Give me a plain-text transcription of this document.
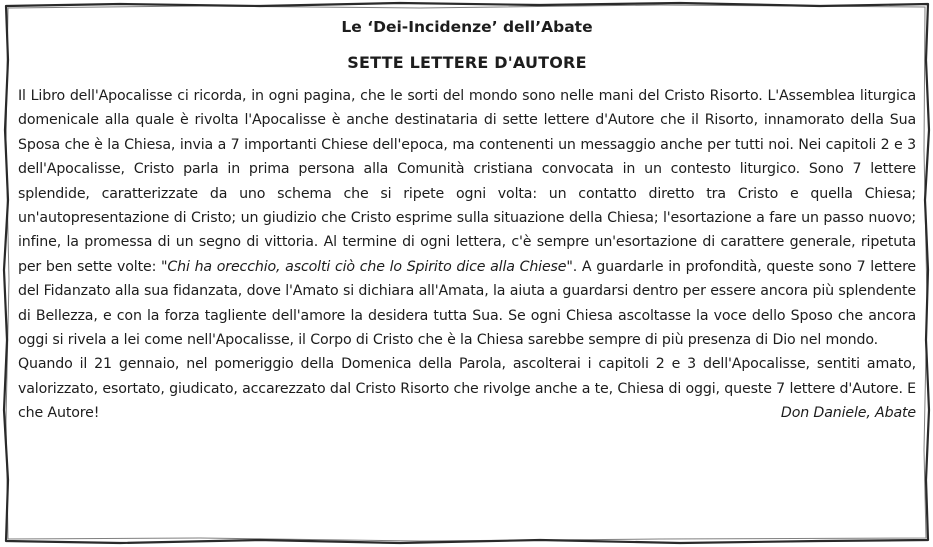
Le ‘Dei-Incidenze’ dell’Abate
SETTE LETTERE D'AUTORE

Il Libro dell'Apocalisse ci ricorda, in ogni pagina, che le sorti del mondo sono nelle mani del Cristo Risorto. L'Assemblea liturgica domenicale alla quale è rivolta l'Apocalisse è anche destinataria di sette lettere d'Autore che il Risorto, innamorato della Sua Sposa che è la Chiesa, invia a 7 importanti Chiese dell'epoca, ma contenenti un messaggio anche per tutti noi. Nei capitoli 2 e 3 dell'Apocalisse, Cristo parla in prima persona alla Comunità cristiana convocata in un contesto liturgico. Sono 7 lettere splendide, caratterizzate da uno schema che si ripete ogni volta: un contatto diretto tra Cristo e quella Chiesa; un'autopresentazione di Cristo; un giudizio che Cristo esprime sulla situazione della Chiesa; l'esortazione a fare un passo nuovo; infine, la promessa di un segno di vittoria. Al termine di ogni lettera, c'è sempre un'esortazione di carattere generale, ripetuta per ben sette volte: "Chi ha orecchio, ascolti ciò che lo Spirito dice alla Chiese". A guardarle in profondità, queste sono 7 lettere del Fidanzato alla sua fidanzata, dove l'Amato si dichiara all'Amata, la aiuta a guardarsi dentro per essere ancora più splendente di Bellezza, e con la forza tagliente dell'amore la desidera tutta Sua. Se ogni Chiesa ascoltasse la voce dello Sposo che ancora oggi si rivela a lei come nell'Apocalisse, il Corpo di Cristo che è la Chiesa sarebbe sempre di più presenza di Dio nel mondo.

Quando il 21 gennaio, nel pomeriggio della Domenica della Parola, ascolterai i capitoli 2 e 3 dell'Apocalisse, sentiti amato, valorizzato, esortato, giudicato, accarezzato dal Cristo Risorto che rivolge anche a te, Chiesa di oggi, queste 7 lettere d'Autore. E che Autore!	Don Daniele, Abate
